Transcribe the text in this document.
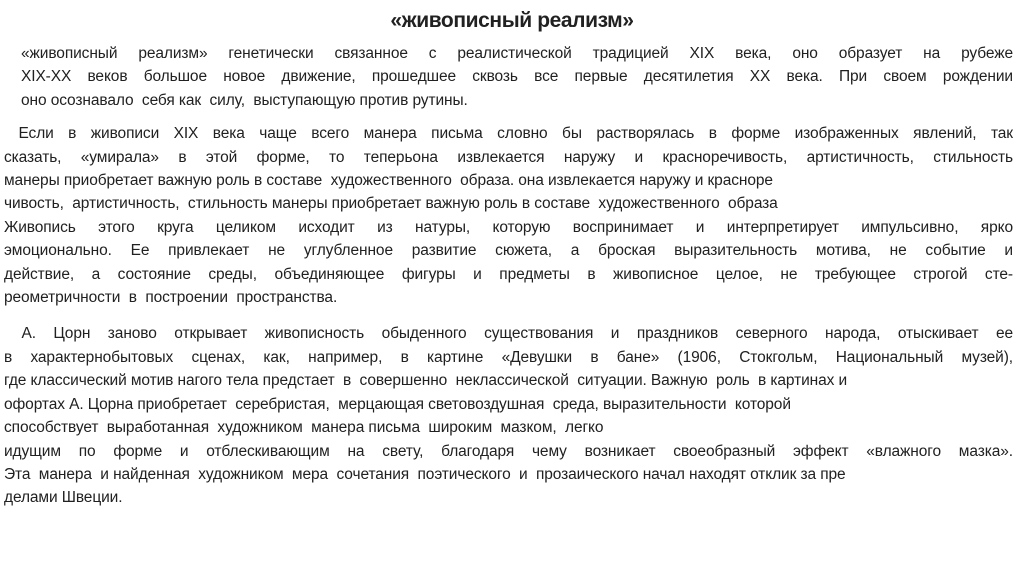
«живописный реализм»
«живописный реализм» генетически связанное с реалистической традицией XIX века, оно образует на рубеже
XIX-XX веков большое новое движение, прошедшее сквозь все первые десятилетия XX века. При своем рождении
оно осознавало  себя как  силу,  выступающую против рутины.
Если в живописи XIX века чаще всего манера письма словно бы растворялась в форме изображенных явлений, так
сказать, «умирала» в этой форме, то теперьона извлекается наружу и красноречивость, артистичность, стильность
манеры приобретает важную роль в составе  художественного  образа. она извлекается наружу и красноре
чивость,  артистичность,  стильность манеры приобретает важную роль в составе  художественного  образа
Живопись этого круга целиком исходит из натуры, которую воспринимает и интерпретирует импульсивно, ярко
эмоционально. Ее привлекает не углубленное развитие сюжета, а броская выразительность мотива, не событие и
действие, а состояние среды, объединяющее фигуры и предметы в живописное целое, не требующее строгой сте-
реометричности  в  построении  пространства.
А. Цорн заново открывает живописность обыденного существования и праздников северного народа, отыскивает ее
в характернобытовых сценах, как, например, в картине «Девушки в бане» (1906, Стокгольм, Национальный музей),
где классический мотив нагого тела предстает  в  совершенно  неклассической  ситуации. Важную  роль  в картинах и
офортах А. Цорна приобретает  серебристая,  мерцающая световоздушная  среда, выразительности  которой
способствует  выработанная  художником  манера письма  широким  мазком,  легко
идущим по форме и отблескивающим на свету, благодаря чему возникает своеобразный эффект «влажного мазка».
Эта  манера  и найденная  художником  мера  сочетания  поэтического  и  прозаического начал находят отклик за пре
делами Швеции.
